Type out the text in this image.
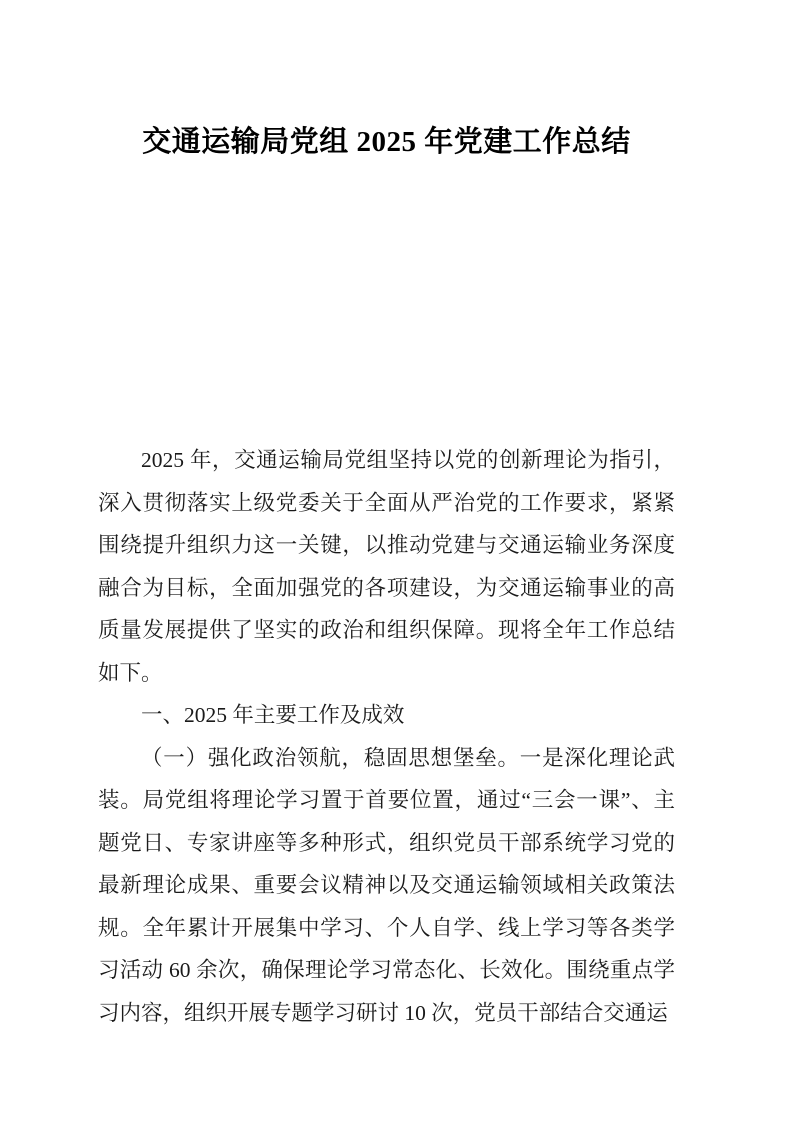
交通运输局党组 2025 年党建工作总结

2025 年，交通运输局党组坚持以党的创新理论为指引，深入贯彻落实上级党委关于全面从严治党的工作要求，紧紧围绕提升组织力这一关键，以推动党建与交通运输业务深度融合为目标，全面加强党的各项建设，为交通运输事业的高质量发展提供了坚实的政治和组织保障。现将全年工作总结如下。

一、2025 年主要工作及成效

（一）强化政治领航，稳固思想堡垒。一是深化理论武装。局党组将理论学习置于首要位置，通过“三会一课”、主题党日、专家讲座等多种形式，组织党员干部系统学习党的最新理论成果、重要会议精神以及交通运输领域相关政策法规。全年累计开展集中学习、个人自学、线上学习等各类学习活动 60 余次，确保理论学习常态化、长效化。围绕重点学习内容，组织开展专题学习研讨 10 次，党员干部结合交通运
